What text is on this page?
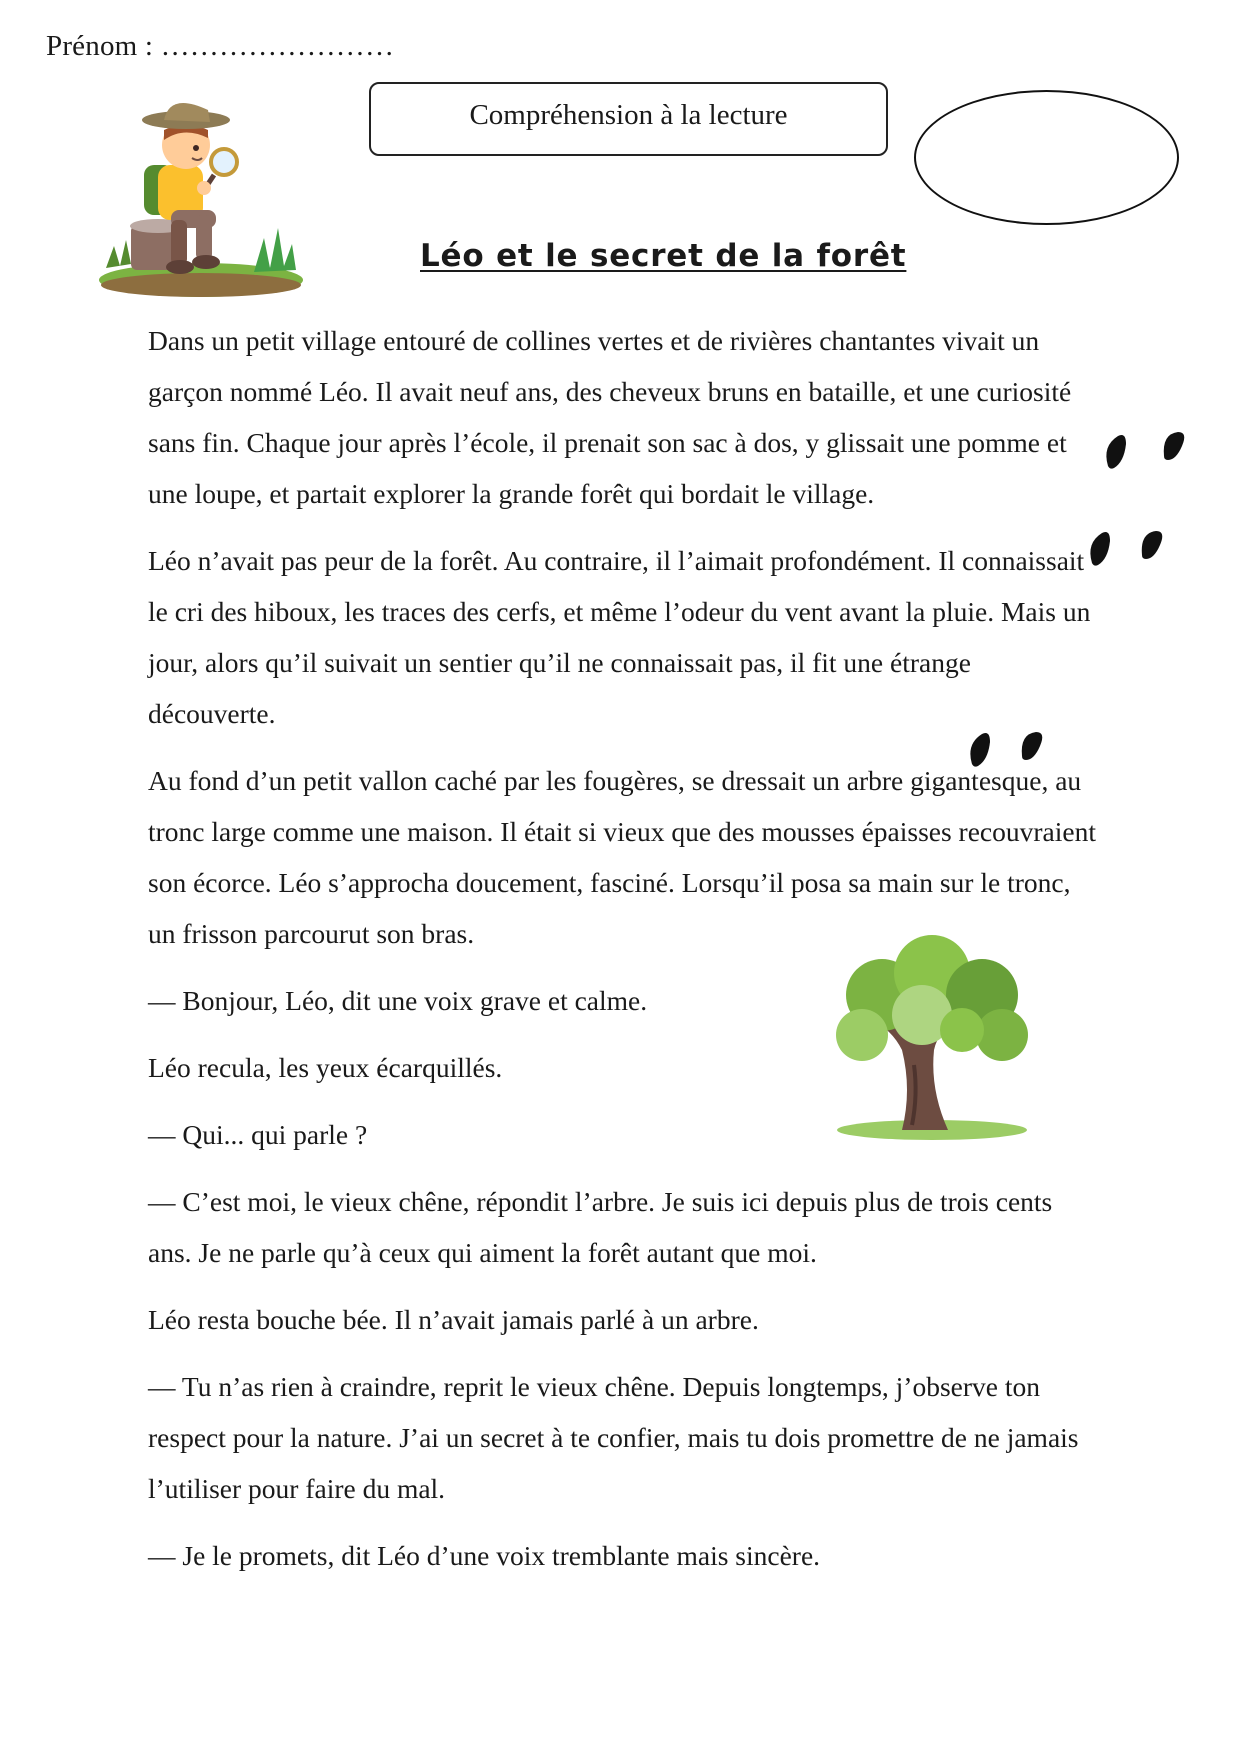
Prénom : ……………………
Compréhension à la lecture
Léo et le secret de la forêt

Dans un petit village entouré de collines vertes et de rivières chantantes vivait un garçon nommé Léo. Il avait neuf ans, des cheveux bruns en bataille, et une curiosité sans fin. Chaque jour après l’école, il prenait son sac à dos, y glissait une pomme et une loupe, et partait explorer la grande forêt qui bordait le village.

Léo n’avait pas peur de la forêt. Au contraire, il l’aimait profondément. Il connaissait le cri des hiboux, les traces des cerfs, et même l’odeur du vent avant la pluie. Mais un jour, alors qu’il suivait un sentier qu’il ne connaissait pas, il fit une étrange découverte.

Au fond d’un petit vallon caché par les fougères, se dressait un arbre gigantesque, au tronc large comme une maison. Il était si vieux que des mousses épaisses recouvraient son écorce. Léo s’approcha doucement, fasciné. Lorsqu’il posa sa main sur le tronc, un frisson parcourut son bras.

— Bonjour, Léo, dit une voix grave et calme.

Léo recula, les yeux écarquillés.

— Qui... qui parle ?

— C’est moi, le vieux chêne, répondit l’arbre. Je suis ici depuis plus de trois cents ans. Je ne parle qu’à ceux qui aiment la forêt autant que moi.

Léo resta bouche bée. Il n’avait jamais parlé à un arbre.

— Tu n’as rien à craindre, reprit le vieux chêne. Depuis longtemps, j’observe ton respect pour la nature. J’ai un secret à te confier, mais tu dois promettre de ne jamais l’utiliser pour faire du mal.

— Je le promets, dit Léo d’une voix tremblante mais sincère.
